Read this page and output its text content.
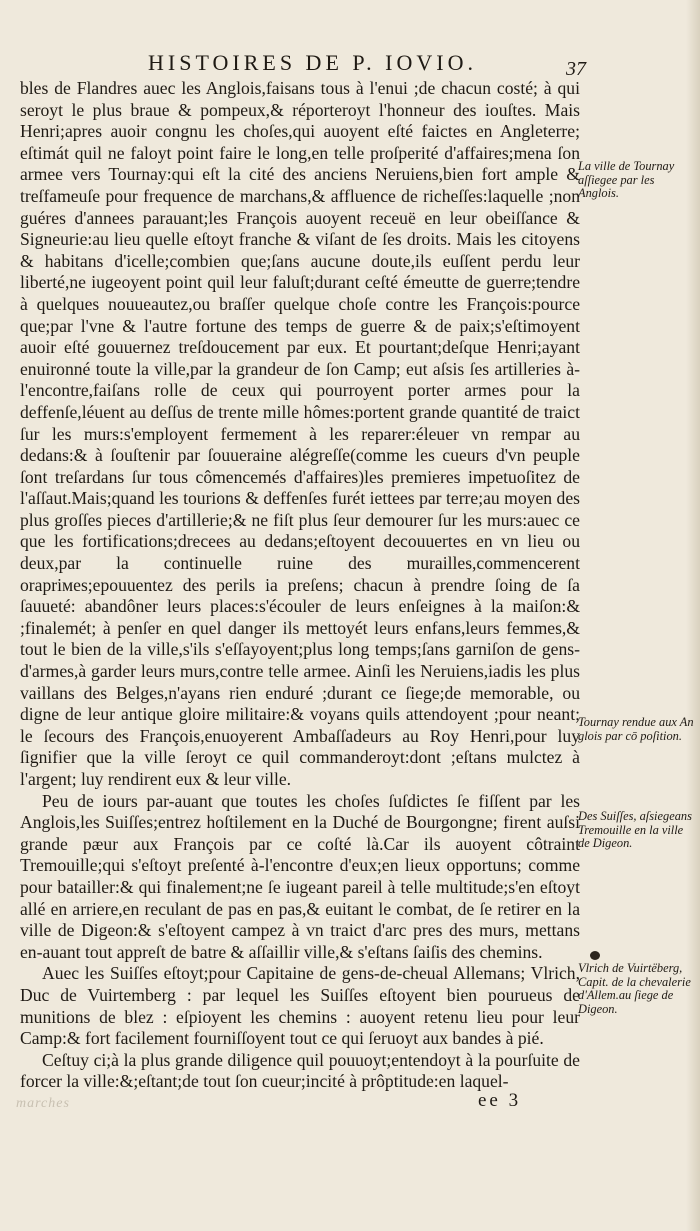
HISTOIRES DE P. IOVIO.	37

bles de Flandres auec les Anglois,faisans tous à l'enui ;de chacun costé; à qui seroyt le plus braue & pompeux,& réporteroyt l'honneur des iouſtes. Mais Henri;apres auoir congnu les choſes,qui auoyent eſté faictes en Angleterre; eſtimát quil ne faloyt point faire le long,en telle proſperité d'affaires;mena ſon armee vers Tournay:qui eſt la cité des anciens Neruiens,bien fort ample & treſfameuſe pour frequence de marchans,& affluence de richeſſes:laquelle ;non guéres d'annees parauant;les François auoyent receuë en leur obeiſſance & Signeurie:au lieu quelle eſtoyt franche & viſant de ſes droits. Mais les citoyens & habitans d'icelle;combien que;ſans aucune doute,ils euſſent perdu leur liberté,ne iugeoyent point quil leur faluſt;durant ceſté émeutte de guerre;tendre à quelques nouueautez,ou braſſer quelque choſe contre les François:pource que;par l'vne & l'autre fortune des temps de guerre & de paix;s'eſtimoyent auoir eſté gouuernez treſdoucement par eux. Et pourtant;deſque Henri;ayant enuironné toute la ville,par la grandeur de ſon Camp; eut aſsis ſes artilleries à-l'encontre,faiſans rolle de ceux qui pourroyent porter armes pour la deffenſe,léuent au deſſus de trente mille hômes:portent grande quantité de traict ſur les murs:s'employent fermement à les reparer:éleuer vn rempar au dedans:& à ſouſtenir par ſouueraine alégreſſe(comme les cueurs d'vn peuple ſont treſardans ſur tous cômencemés d'affaires)les premieres impetuoſitez de l'aſſaut.Mais;quand les tourions & deffenſes furét iettees par terre;au moyen des plus groſſes pieces d'artillerie;& ne fiſt plus ſeur demourer ſur les murs:auec ce que les fortifications;drecees au dedans;eſtoyent decouuertes en vn lieu ou deux,par la continuelle ruine des murailles,commencerent orapriмes;epouuentez des perils ia preſens; chacun à prendre ſoing de ſa ſauueté: abandôner leurs places:s'écouler de leurs enſeignes à la maiſon:& ;finalemét; à penſer en quel danger ils mettoyét leurs enfans,leurs femmes,& tout le bien de la ville,s'ils s'eſſayoyent;plus long temps;ſans garniſon de gens-d'armes,à garder leurs murs,contre telle armee. Ainſi les Neruiens,iadis les plus vaillans des Belges,n'ayans rien enduré ;durant ce ſiege;de memorable, ou digne de leur antique gloire militaire:& voyans quils attendoyent ;pour neant; le ſecours des François,enuoyerent Ambaſſadeurs au Roy Henri,pour luy ſignifier que la ville ſeroyt ce quil commanderoyt:dont ;eſtans mulctez à l'argent; luy rendirent eux & leur ville.

Peu de iours par-auant que toutes les choſes ſuſdictes ſe fiſſent par les Anglois,les Suiſſes;entrez hoſtilement en la Duché de Bourgongne; firent auſsi grande pæur aux François par ce coſté là.Car ils auoyent côtraint Tremouille;qui s'eſtoyt preſenté à-l'encontre d'eux;en lieux opportuns; comme pour batailler:& qui finalement;ne ſe iugeant pareil à telle multitude;s'en eſtoyt allé en arriere,en reculant de pas en pas,& euitant le combat, de ſe retirer en la ville de Digeon:& s'eſtoyent campez à vn traict d'arc pres des murs, mettans en-auant tout appreſt de batre & aſſaillir ville,& s'eſtans ſaiſis des chemins.

Auec les Suiſſes eſtoyt;pour Capitaine de gens-de-cheual Allemans; Vlrich, Duc de Vuirtemberg : par lequel les Suiſſes eſtoyent bien pourueus de munitions de blez : eſpioyent les chemins : auoyent retenu lieu pour leur Camp:& fort facilement fourniſſoyent tout ce qui ſeruoyt aux bandes à pié.

Ceſtuy ci;à la plus grande diligence quil pouuoyt;entendoyt à la pourſuite de forcer la ville:&;eſtant;de tout ſon cueur;incité à prôptitude:en laquel-

La ville de Tournay aſſiegee par les Anglois.
Tournay rendue aux An glois par cō poſition.
Des Suiſſes, aſsiegeans Tremouille en la ville de Digeon.
Vlrich de Vuirtëberg, Capit. de la chevalerie d'Allem.au ſiege de Digeon.
marches	ee 3
